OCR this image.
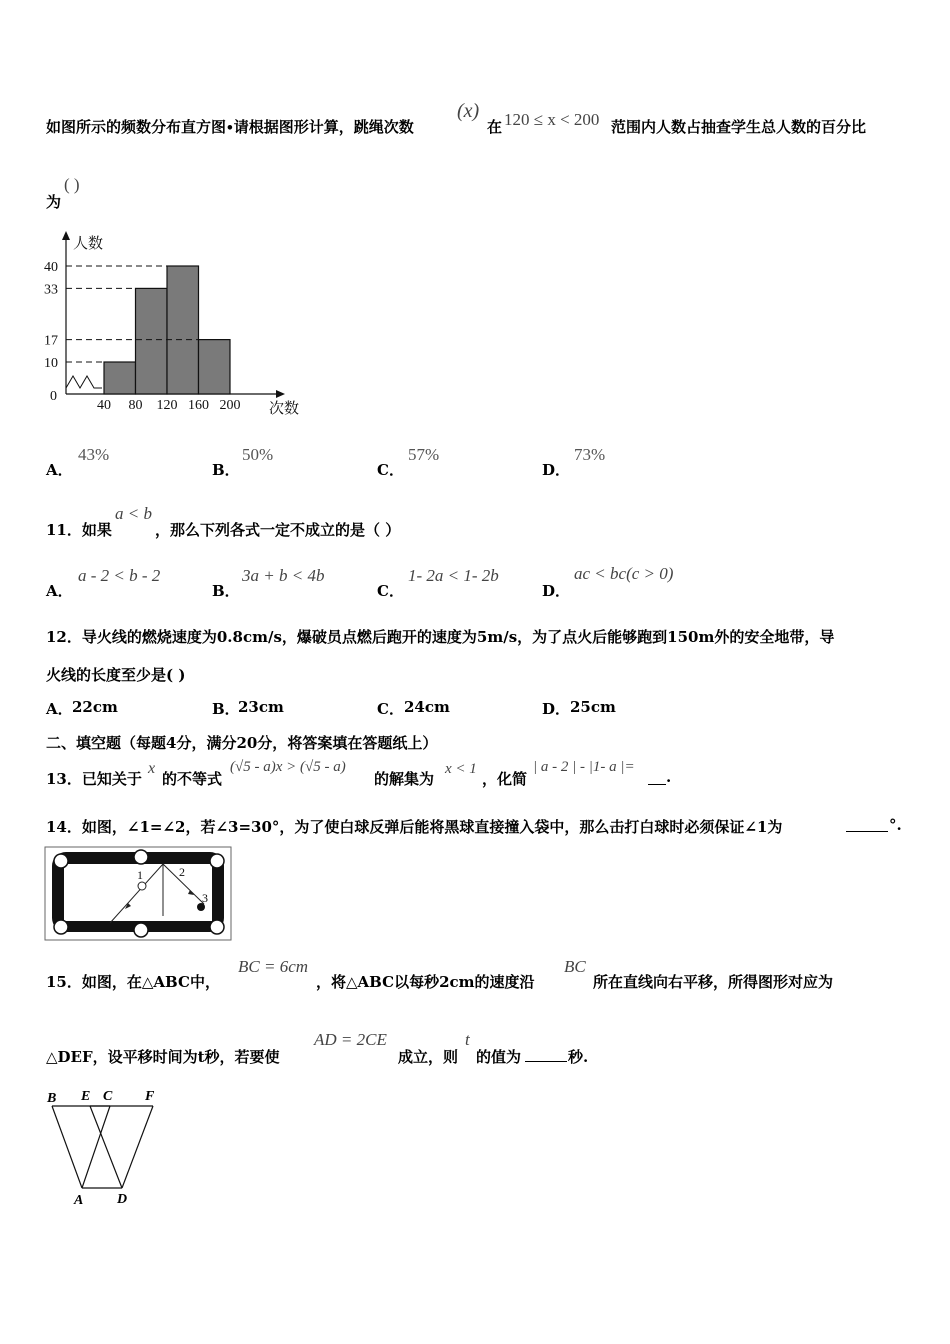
如图所示的频数分布直方图∙请根据图形计算，跳绳次数
(x)
在 120 ≤ x < 200 范围内人数占抽查学生总人数的百分比
为
( )
0
10
17
33
40
40 80 120 160 200
人数
次数
A．
43%
B．
50%
C．
57%
D．
73%
11．如果
a < b
，那么下列各式一定不成立的是（ ）
A．
a - 2 < b - 2
B．
3a + b < 4b
C．
1- 2a < 1- 2b
D．
ac < bc(c > 0)
12．导火线的燃烧速度为0.8cm/s，爆破员点燃后跑开的速度为5m/s，为了点火后能够跑到150m外的安全地带，导
火线的长度至少是( )
A． 22cm	B．
23cm	C． 24cm	D． 25cm
二、填空题（每题4分，满分20分，将答案填在答题纸上）
13．已知关于
x
的不等式
(√5 - a)x > (√5 - a)
的解集为
x < 1
，化简
| a - 2 | - |1- a |=
.
14．如图，∠1=∠2，若∠3=30°，为了使白球反弹后能将黑球直接撞入袋中，那么击打白球时必须保证∠1为	°.
1	2
3
15．如图，在△ABC中，
BC = 6cm
，将△ABC以每秒2cm的速度沿
BC
所在直线向右平移，所得图形对应为
△DEF，设平移时间为t秒，若要使
AD = 2CE
成立，则
t
的值为	秒.
B E C F
A D
